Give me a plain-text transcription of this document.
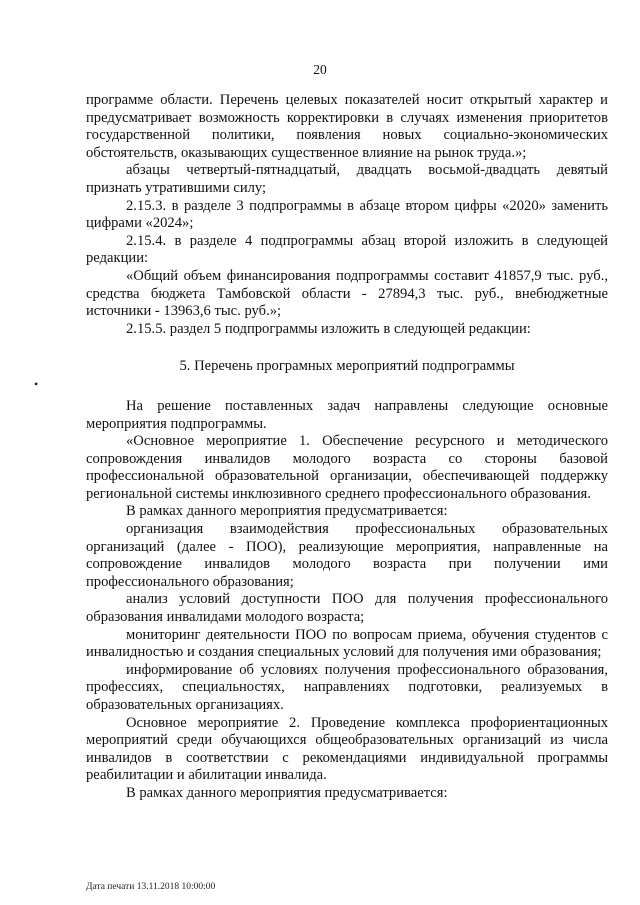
20
•

программе области. Перечень целевых показателей носит открытый характер и предусматривает возможность корректировки в случаях изменения приоритетов государственной политики, появления новых социально-экономических обстоятельств, оказывающих существенное влияние на рынок труда.»;

абзацы четвертый-пятнадцатый, двадцать восьмой-двадцать девятый признать утратившими силу;

2.15.3. в разделе 3 подпрограммы в абзаце втором цифры «2020» заменить цифрами «2024»;

2.15.4. в разделе 4 подпрограммы абзац второй изложить в следующей редакции:

«Общий объем финансирования подпрограммы составит 41857,9 тыс. руб., средства бюджета Тамбовской области - 27894,3 тыс. руб., внебюджетные источники - 13963,6 тыс. руб.»;

2.15.5. раздел 5 подпрограммы изложить в следующей редакции:

5. Перечень програмных мероприятий подпрограммы

На решение поставленных задач направлены следующие основные мероприятия подпрограммы.

«Основное мероприятие 1. Обеспечение ресурсного и методического сопровождения инвалидов молодого возраста со стороны базовой профессиональной образовательной организации, обеспечивающей поддержку региональной системы инклюзивного среднего профессионального образования.

В рамках данного мероприятия предусматривается:

организация взаимодействия профессиональных образовательных организаций (далее - ПОО), реализующие мероприятия, направленные на сопровождение инвалидов молодого возраста при получении ими профессионального образования;

анализ условий доступности ПОО для получения профессионального образования инвалидами молодого возраста;

мониторинг деятельности ПОО по вопросам приема, обучения студентов с инвалидностью и создания специальных условий для получения ими образования;

информирование об условиях получения профессионального образования, профессиях, специальностях, направлениях подготовки, реализуемых в образовательных организациях.

Основное мероприятие 2. Проведение комплекса профориентационных мероприятий среди обучающихся общеобразовательных организаций из числа инвалидов в соответствии с рекомендациями индивидуальной программы реабилитации и абилитации инвалида.

В рамках данного мероприятия предусматривается:

Дата печати 13.11.2018 10:00:00
